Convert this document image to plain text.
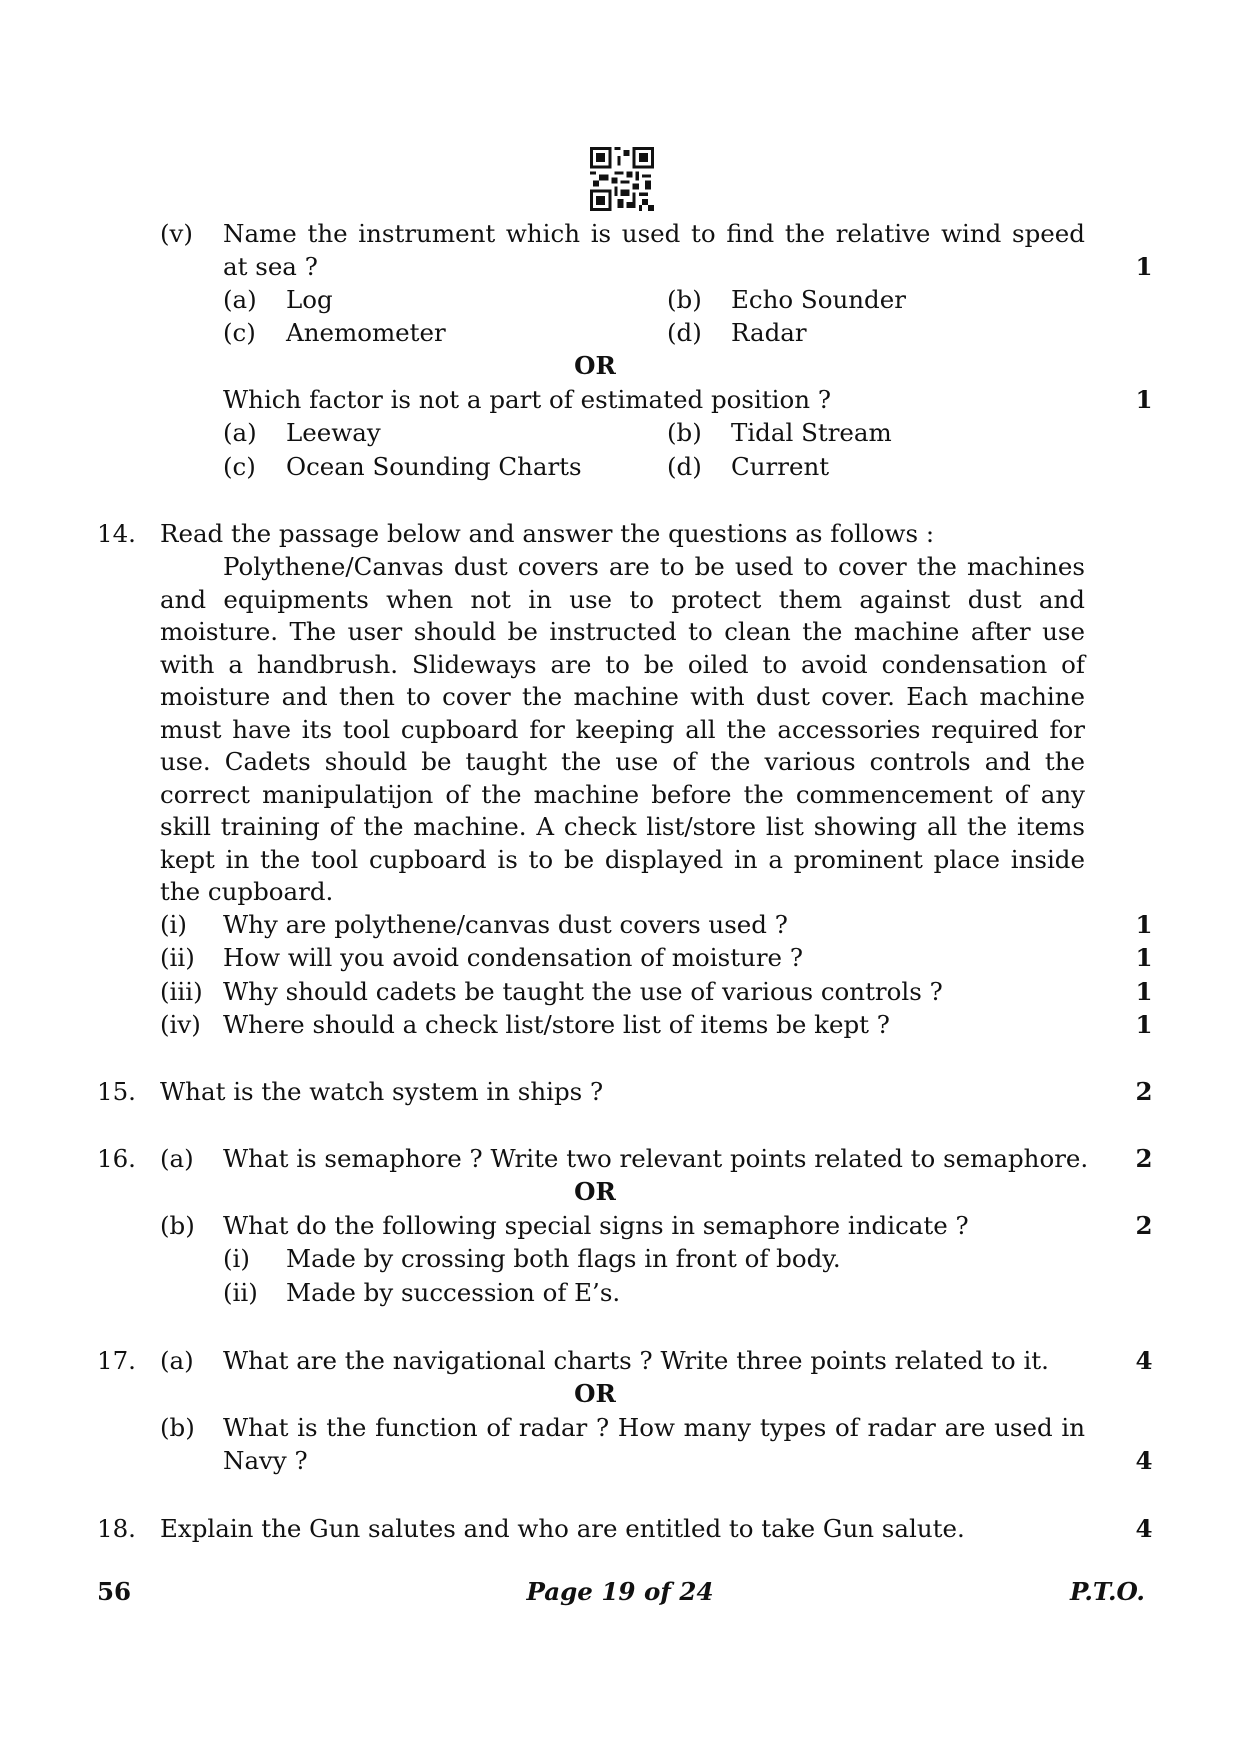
(v) Name the instrument which is used to find the relative wind speed
at sea ?	1
(a) Log	(b) Echo Sounder
(c) Anemometer	(d) Radar
OR
Which factor is not a part of estimated position ?	1
(a) Leeway	(b) Tidal Stream
(c) Ocean Sounding Charts	(d) Current
14. Read the passage below and answer the questions as follows :
Polythene/Canvas dust covers are to be used to cover the machines
and equipments when not in use to protect them against dust and
moisture. The user should be instructed to clean the machine after use
with a handbrush. Slideways are to be oiled to avoid condensation of
moisture and then to cover the machine with dust cover. Each machine
must have its tool cupboard for keeping all the accessories required for
use. Cadets should be taught the use of the various controls and the
correct manipulatijon of the machine before the commencement of any
skill training of the machine. A check list/store list showing all the items
kept in the tool cupboard is to be displayed in a prominent place inside
the cupboard.
(i) Why are polythene/canvas dust covers used ?	1
(ii) How will you avoid condensation of moisture ?	1
(iii) Why should cadets be taught the use of various controls ?	1
(iv) Where should a check list/store list of items be kept ?	1
15. What is the watch system in ships ?	2
16. (a) What is semaphore ? Write two relevant points related to semaphore. 2
OR
(b) What do the following special signs in semaphore indicate ?	2
(i) Made by crossing both flags in front of body.
(ii) Made by succession of E’s.
17. (a) What are the navigational charts ? Write three points related to it.	4
OR
(b) What is the function of radar ? How many types of radar are used in
Navy ?	4
18. Explain the Gun salutes and who are entitled to take Gun salute.	4
56	Page 19 of 24	P.T.O.
